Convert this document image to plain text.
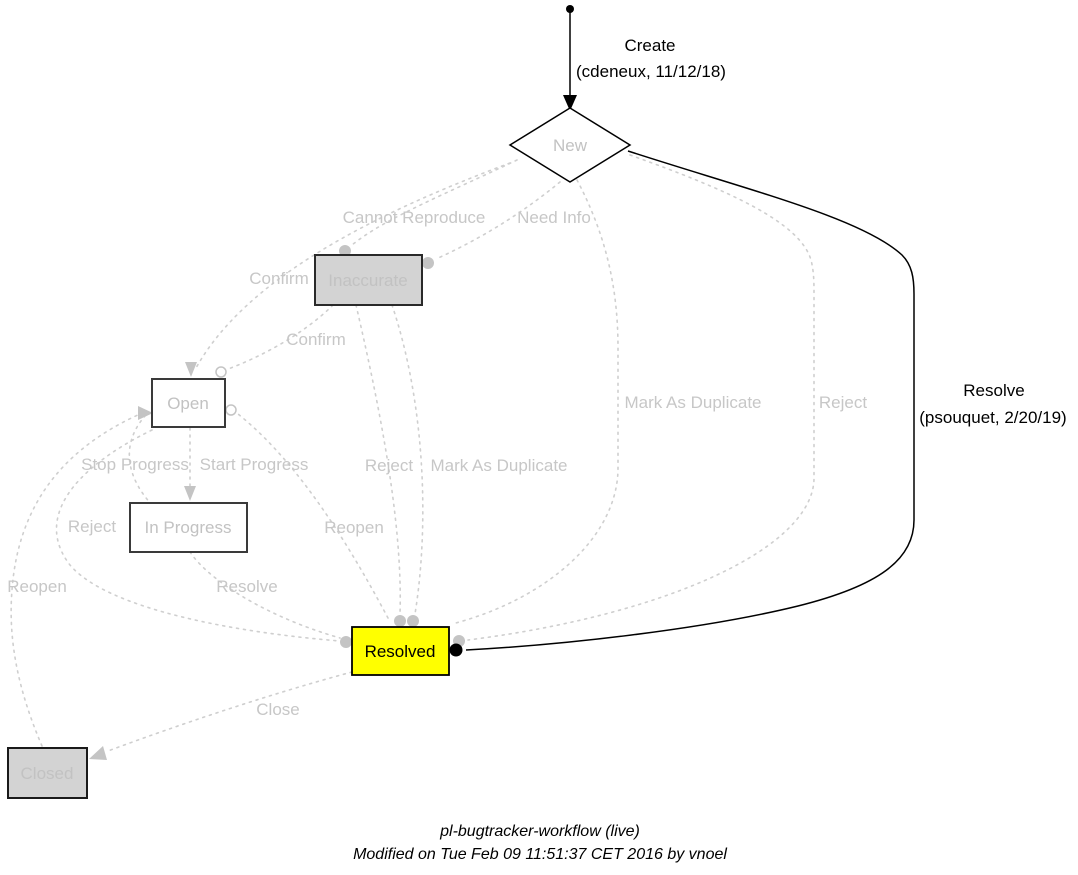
New
Inaccurate
Open
In Progress
Resolved
Closed
Create
(cdeneux, 11/12/18)
Resolve
(psouquet, 2/20/19)
Cannot Reproduce Need Info
Confirm
Confirm
Stop Progress Start Progress
Reject	Reopen
Reject Mark As Duplicate
Mark As Duplicate	Reject
Reopen	Resolve
Close
pl-bugtracker-workflow (live)
Modified on Tue Feb 09 11:51:37 CET 2016 by vnoel
